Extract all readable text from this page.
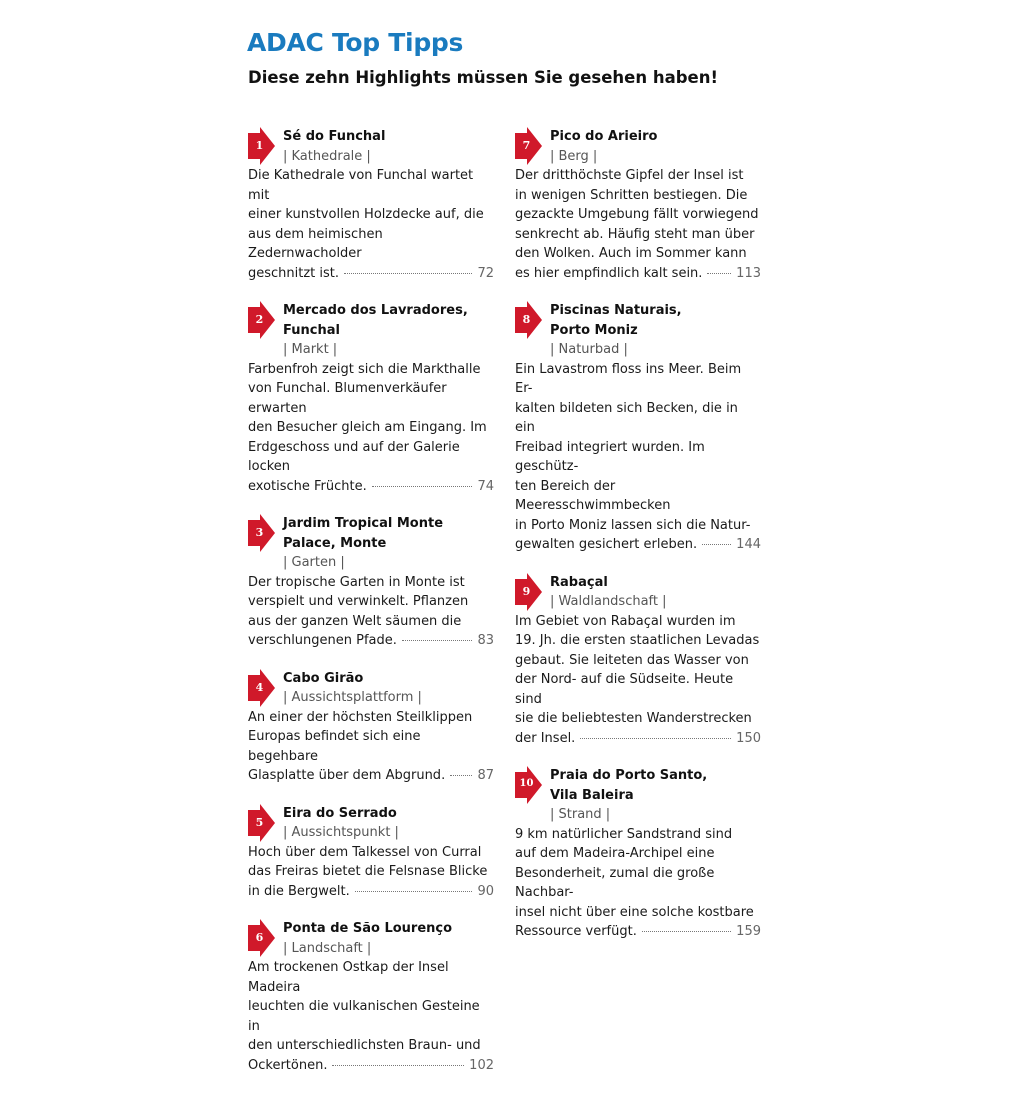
ADAC Top Tipps
Diese zehn Highlights müssen Sie gesehen haben!
1
Sé do Funchal
| Kathedrale |
Die Kathedrale von Funchal wartet mit
einer kunstvollen Holzdecke auf, die
aus dem heimischen Zedernwacholder
geschnitzt ist.	72
2
Mercado dos Lavradores,
Funchal
| Markt |
Farbenfroh zeigt sich die Markthalle
von Funchal. Blumenverkäufer erwarten
den Besucher gleich am Eingang. Im
Erdgeschoss und auf der Galerie locken
exotische Früchte.	74
3
Jardim Tropical Monte
Palace, Monte
| Garten |
Der tropische Garten in Monte ist
verspielt und verwinkelt. Pflanzen
aus der ganzen Welt säumen die
verschlungenen Pfade.	83
4
Cabo Girão
| Aussichtsplattform |
An einer der höchsten Steilklippen
Europas befindet sich eine begehbare
Glasplatte über dem Abgrund. 87
5
Eira do Serrado
| Aussichtspunkt |
Hoch über dem Talkessel von Curral
das Freiras bietet die Felsnase Blicke
in die Bergwelt.	90
6
Ponta de São Lourenço
| Landschaft |
Am trockenen Ostkap der Insel Madeira
leuchten die vulkanischen Gesteine in
den unterschiedlichsten Braun- und
Ockertönen.	102
7
Pico do Arieiro
| Berg |
Der dritthöchste Gipfel der Insel ist
in wenigen Schritten bestiegen. Die
gezackte Umgebung fällt vorwiegend
senkrecht ab. Häufig steht man über
den Wolken. Auch im Sommer kann
es hier empfindlich kalt sein.	113
8
Piscinas Naturais,
Porto Moniz
| Naturbad |
Ein Lavastrom floss ins Meer. Beim Er-
kalten bildeten sich Becken, die in ein
Freibad integriert wurden. Im geschütz-
ten Bereich der Meeresschwimmbecken
in Porto Moniz lassen sich die Natur-
gewalten gesichert erleben.	144
9
Rabaçal
| Waldlandschaft |
Im Gebiet von Rabaçal wurden im
19. Jh. die ersten staatlichen Levadas
gebaut. Sie leiteten das Wasser von
der Nord- auf die Südseite. Heute sind
sie die beliebtesten Wanderstrecken
der Insel.	150
10
Praia do Porto Santo,
Vila Baleira
| Strand |
9 km natürlicher Sandstrand sind
auf dem Madeira-Archipel eine
Besonderheit, zumal die große Nachbar-
insel nicht über eine solche kostbare
Ressource verfügt.	159
